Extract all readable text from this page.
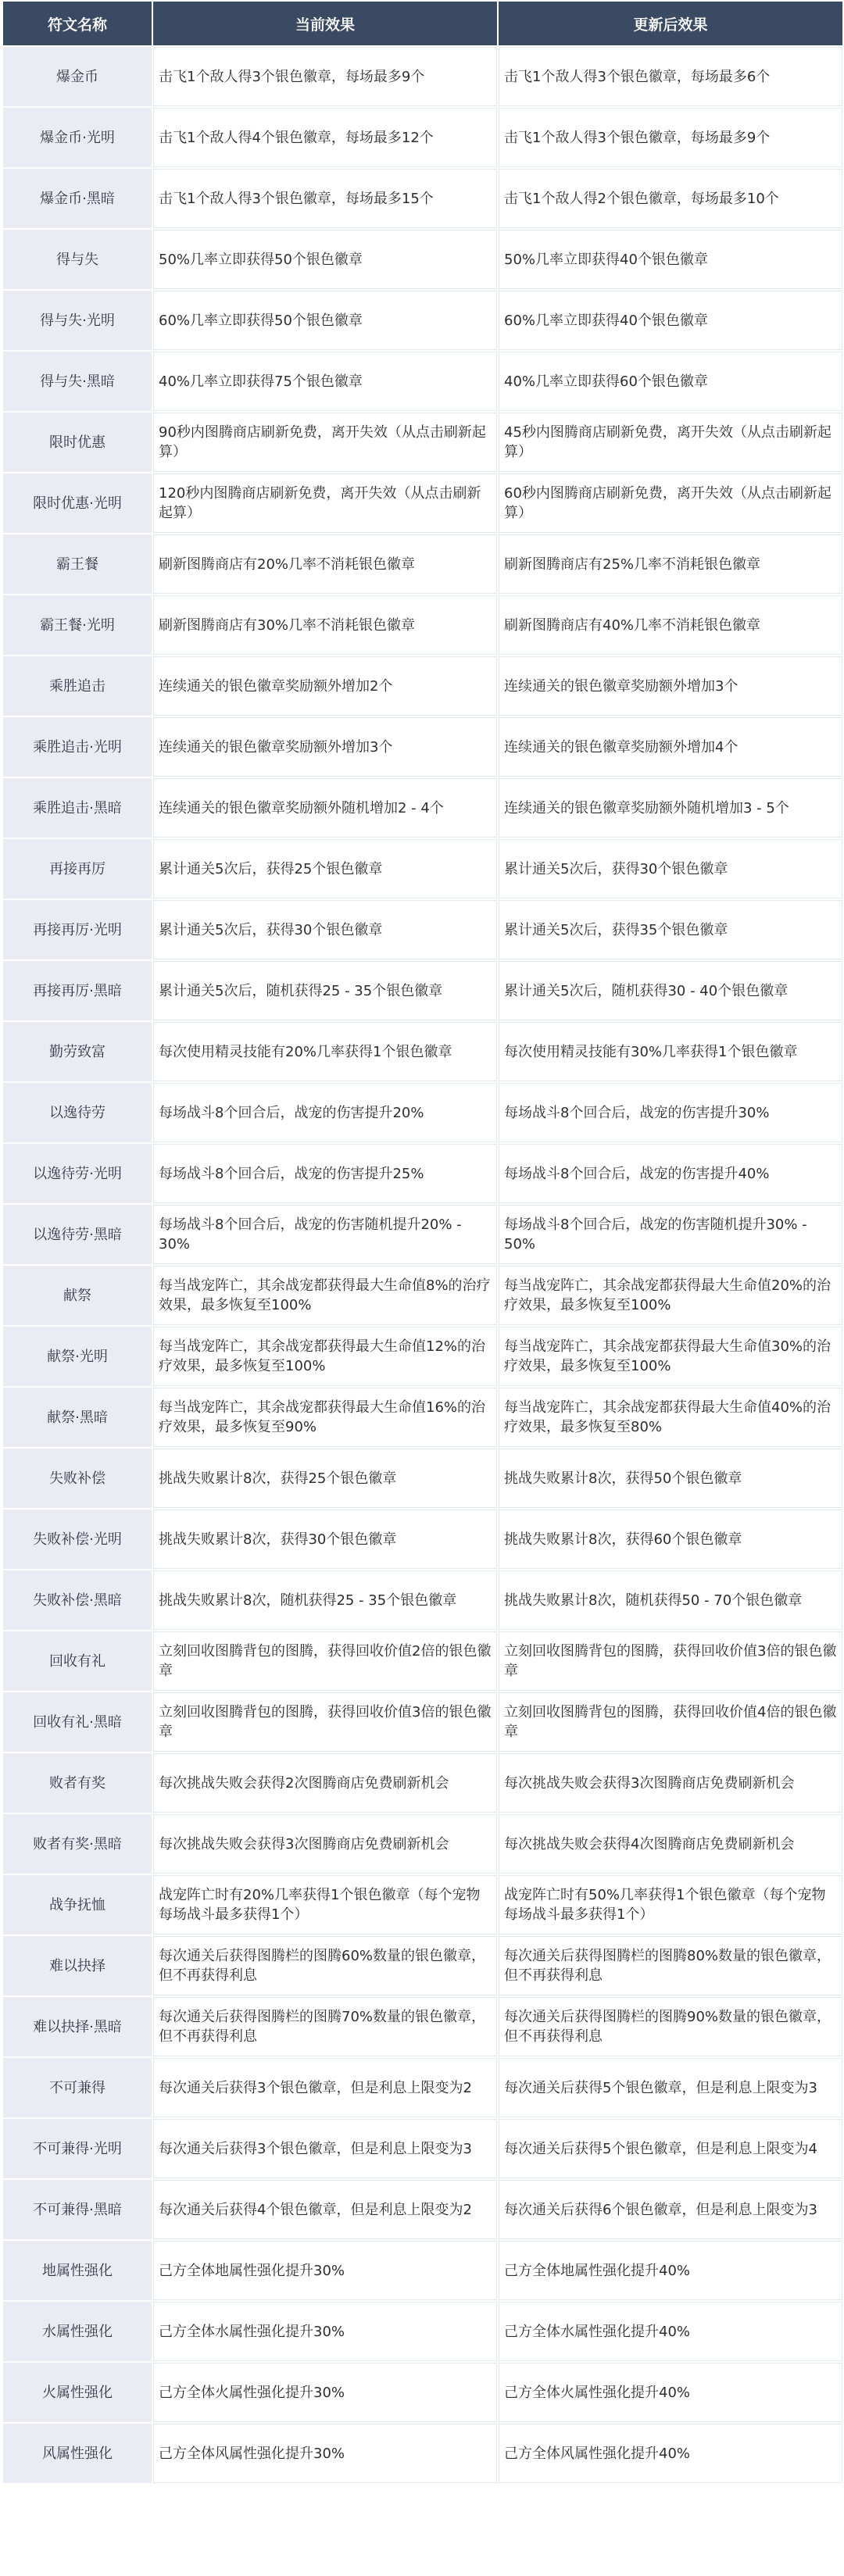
符文名称	当前效果	更新后效果
爆金币	击飞1个敌人得3个银色徽章，每场最多9个	击飞1个敌人得3个银色徽章，每场最多6个
爆金币·光明	击飞1个敌人得4个银色徽章，每场最多12个	击飞1个敌人得3个银色徽章，每场最多9个
爆金币·黑暗	击飞1个敌人得3个银色徽章，每场最多15个	击飞1个敌人得2个银色徽章，每场最多10个
得与失	50%几率立即获得50个银色徽章	50%几率立即获得40个银色徽章
得与失·光明	60%几率立即获得50个银色徽章	60%几率立即获得40个银色徽章
得与失·黑暗	40%几率立即获得75个银色徽章	40%几率立即获得60个银色徽章
限时优惠	90秒内图腾商店刷新免费，离开失效（从点击刷新起算）	45秒内图腾商店刷新免费，离开失效（从点击刷新起算）
限时优惠·光明	120秒内图腾商店刷新免费，离开失效（从点击刷新起算）	60秒内图腾商店刷新免费，离开失效（从点击刷新起算）
霸王餐	刷新图腾商店有20%几率不消耗银色徽章	刷新图腾商店有25%几率不消耗银色徽章
霸王餐·光明	刷新图腾商店有30%几率不消耗银色徽章	刷新图腾商店有40%几率不消耗银色徽章
乘胜追击	连续通关的银色徽章奖励额外增加2个	连续通关的银色徽章奖励额外增加3个
乘胜追击·光明	连续通关的银色徽章奖励额外增加3个	连续通关的银色徽章奖励额外增加4个
乘胜追击·黑暗	连续通关的银色徽章奖励额外随机增加2 - 4个	连续通关的银色徽章奖励额外随机增加3 - 5个
再接再厉	累计通关5次后，获得25个银色徽章	累计通关5次后，获得30个银色徽章
再接再厉·光明	累计通关5次后，获得30个银色徽章	累计通关5次后，获得35个银色徽章
再接再厉·黑暗	累计通关5次后，随机获得25 - 35个银色徽章	累计通关5次后，随机获得30 - 40个银色徽章
勤劳致富	每次使用精灵技能有20%几率获得1个银色徽章	每次使用精灵技能有30%几率获得1个银色徽章
以逸待劳	每场战斗8个回合后，战宠的伤害提升20%	每场战斗8个回合后，战宠的伤害提升30%
以逸待劳·光明	每场战斗8个回合后，战宠的伤害提升25%	每场战斗8个回合后，战宠的伤害提升40%
以逸待劳·黑暗	每场战斗8个回合后，战宠的伤害随机提升20% - 30%	每场战斗8个回合后，战宠的伤害随机提升30% - 50%
献祭	每当战宠阵亡，其余战宠都获得最大生命值8%的治疗效果，最多恢复至100%	每当战宠阵亡，其余战宠都获得最大生命值20%的治疗效果，最多恢复至100%
献祭·光明	每当战宠阵亡，其余战宠都获得最大生命值12%的治疗效果，最多恢复至100%	每当战宠阵亡，其余战宠都获得最大生命值30%的治疗效果，最多恢复至100%
献祭·黑暗	每当战宠阵亡，其余战宠都获得最大生命值16%的治疗效果，最多恢复至90%	每当战宠阵亡，其余战宠都获得最大生命值40%的治疗效果，最多恢复至80%
失败补偿	挑战失败累计8次，获得25个银色徽章	挑战失败累计8次，获得50个银色徽章
失败补偿·光明	挑战失败累计8次，获得30个银色徽章	挑战失败累计8次，获得60个银色徽章
失败补偿·黑暗	挑战失败累计8次，随机获得25 - 35个银色徽章	挑战失败累计8次，随机获得50 - 70个银色徽章
回收有礼	立刻回收图腾背包的图腾，获得回收价值2倍的银色徽章	立刻回收图腾背包的图腾，获得回收价值3倍的银色徽章
回收有礼·黑暗	立刻回收图腾背包的图腾，获得回收价值3倍的银色徽章	立刻回收图腾背包的图腾，获得回收价值4倍的银色徽章
败者有奖	每次挑战失败会获得2次图腾商店免费刷新机会	每次挑战失败会获得3次图腾商店免费刷新机会
败者有奖·黑暗	每次挑战失败会获得3次图腾商店免费刷新机会	每次挑战失败会获得4次图腾商店免费刷新机会
战争抚恤	战宠阵亡时有20%几率获得1个银色徽章（每个宠物每场战斗最多获得1个）	战宠阵亡时有50%几率获得1个银色徽章（每个宠物每场战斗最多获得1个）
难以抉择	每次通关后获得图腾栏的图腾60%数量的银色徽章，但不再获得利息	每次通关后获得图腾栏的图腾80%数量的银色徽章，但不再获得利息
难以抉择·黑暗	每次通关后获得图腾栏的图腾70%数量的银色徽章，但不再获得利息	每次通关后获得图腾栏的图腾90%数量的银色徽章，但不再获得利息
不可兼得	每次通关后获得3个银色徽章，但是利息上限变为2	每次通关后获得5个银色徽章，但是利息上限变为3
不可兼得·光明	每次通关后获得3个银色徽章，但是利息上限变为3	每次通关后获得5个银色徽章，但是利息上限变为4
不可兼得·黑暗	每次通关后获得4个银色徽章，但是利息上限变为2	每次通关后获得6个银色徽章，但是利息上限变为3
地属性强化	己方全体地属性强化提升30%	己方全体地属性强化提升40%
水属性强化	己方全体水属性强化提升30%	己方全体水属性强化提升40%
火属性强化	己方全体火属性强化提升30%	己方全体火属性强化提升40%
风属性强化	己方全体风属性强化提升30%	己方全体风属性强化提升40%
